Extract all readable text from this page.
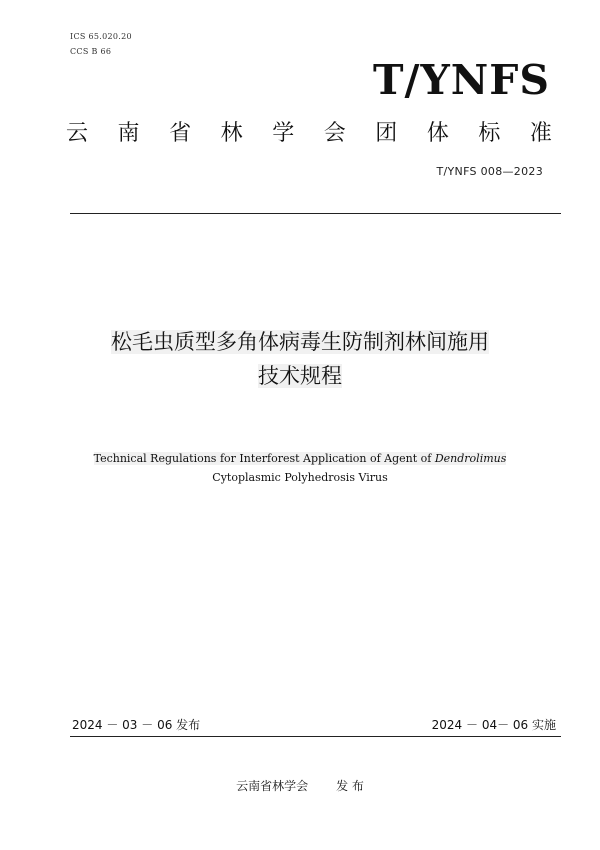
ICS 65.020.20
CCS B 66
T/YNFS
云 南 省 林 学 会 团 体 标 准
T/YNFS 008—2023
松毛虫质型多角体病毒生防制剂林间施用
技术规程
Technical Regulations for Interforest Application of Agent of Dendrolimus
Cytoplasmic Polyhedrosis Virus
2024 － 03 － 06 发布	2024 － 04－ 06 实施
云南省林学会 发 布
